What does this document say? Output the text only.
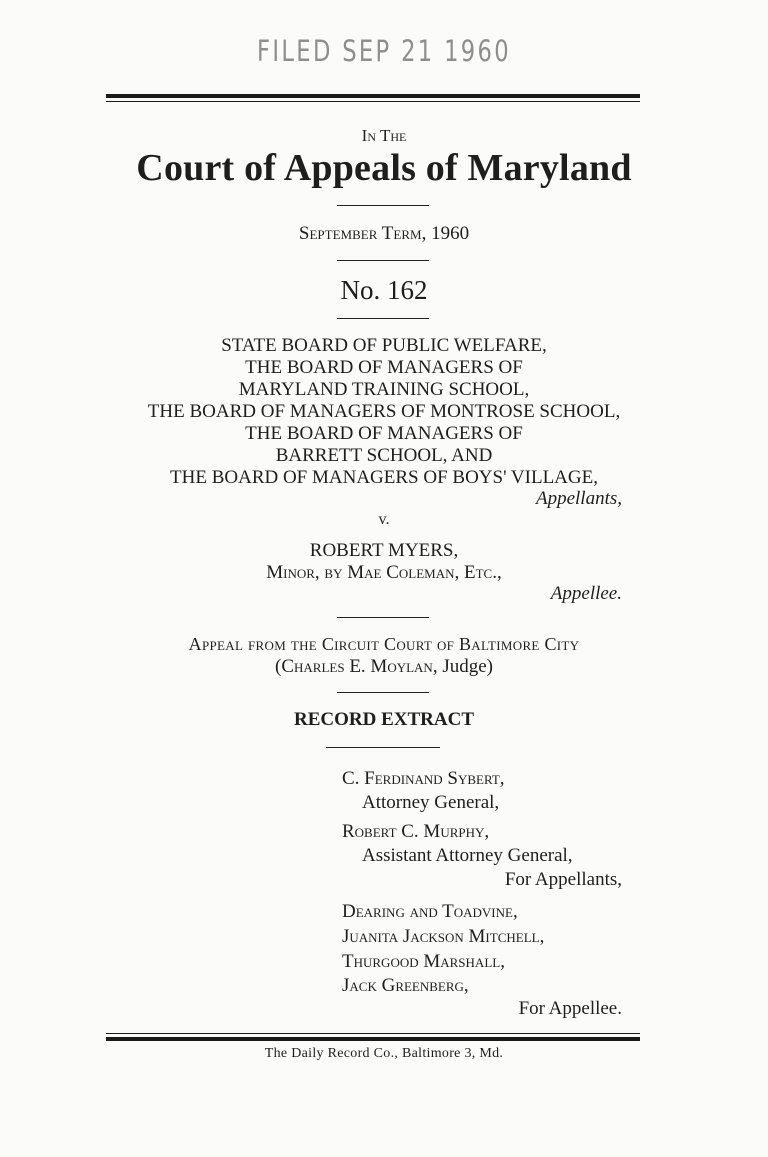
FILED SEP 21 1960
In The
Court of Appeals of Maryland
September Term, 1960
No. 162
STATE BOARD OF PUBLIC WELFARE,
THE BOARD OF MANAGERS OF
MARYLAND TRAINING SCHOOL,
THE BOARD OF MANAGERS OF MONTROSE SCHOOL,
THE BOARD OF MANAGERS OF
BARRETT SCHOOL, AND
THE BOARD OF MANAGERS OF BOYS' VILLAGE,
Appellants,
v.
ROBERT MYERS,
Minor, by Mae Coleman, Etc.,
Appellee.
Appeal from the Circuit Court of Baltimore City
(Charles E. Moylan, Judge)
RECORD EXTRACT
C. Ferdinand Sybert,
Attorney General,
Robert C. Murphy,
Assistant Attorney General,
For Appellants,
Dearing and Toadvine,
Juanita Jackson Mitchell,
Thurgood Marshall,
Jack Greenberg,
For Appellee.
The Daily Record Co., Baltimore 3, Md.
